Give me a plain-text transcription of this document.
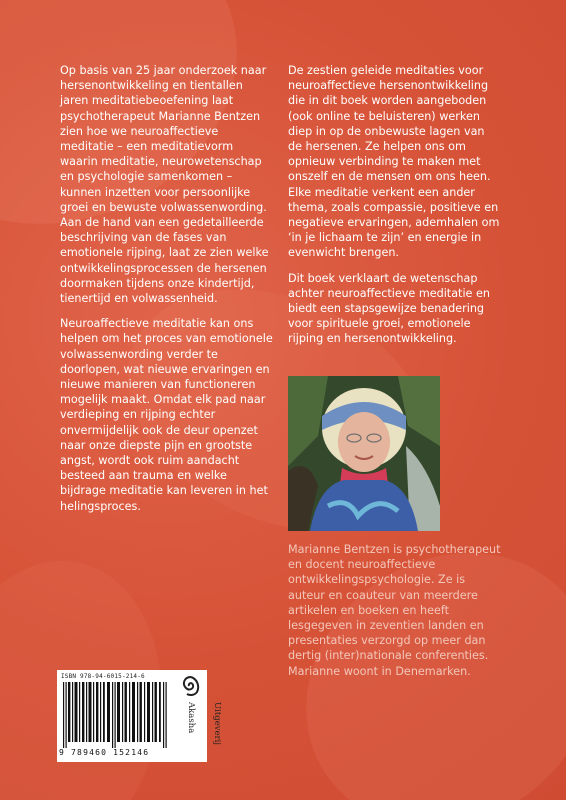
Op basis van 25 jaar onderzoek naar hersenontwikkeling en tientallen jaren meditatiebeoefening laat psychotherapeut Marianne Bentzen zien hoe we neuroaffectieve meditatie – een meditatievorm waarin meditatie, neurowetenschap en psychologie samenkomen – kunnen inzetten voor persoonlijke groei en bewuste volwassenwording. Aan de hand van een gedetailleerde beschrijving van de fases van emotionele rijping, laat ze zien welke ontwikkelingsprocessen de hersenen doormaken tijdens onze kindertijd, tienertijd en volwassenheid.

Neuroaffectieve meditatie kan ons helpen om het proces van emotionele volwassenwording verder te doorlopen, wat nieuwe ervaringen en nieuwe manieren van functioneren mogelijk maakt. Omdat elk pad naar verdieping en rijping echter onvermijdelijk ook de deur openzet naar onze diepste pijn en grootste angst, wordt ook ruim aandacht besteed aan trauma en welke bijdrage meditatie kan leveren in het helingsproces.

De zestien geleide meditaties voor neuroaffectieve hersenontwikkeling die in dit boek worden aangeboden (ook online te beluisteren) werken diep in op de onbewuste lagen van de hersenen. Ze helpen ons om opnieuw verbinding te maken met onszelf en de mensen om ons heen. Elke meditatie verkent een ander thema, zoals compassie, positieve en negatieve ervaringen, ademhalen om ‘in je lichaam te zijn’ en energie in evenwicht brengen.

Dit boek verklaart de wetenschap achter neuroaffectieve meditatie en biedt een stapsgewijze benadering voor spirituele groei, emotionele rijping en hersenontwikkeling.

Marianne Bentzen is psychotherapeut en docent neuroaffectieve ontwikkelingspsychologie. Ze is auteur en coauteur van meerdere artikelen en boeken en heeft lesgegeven in zeventien landen en presentaties verzorgd op meer dan dertig (inter)nationale conferenties. Marianne woont in Denemarken.
ISBN 978-94-6015-214-6
9 789460 152146
Uitgeverij Akasha
